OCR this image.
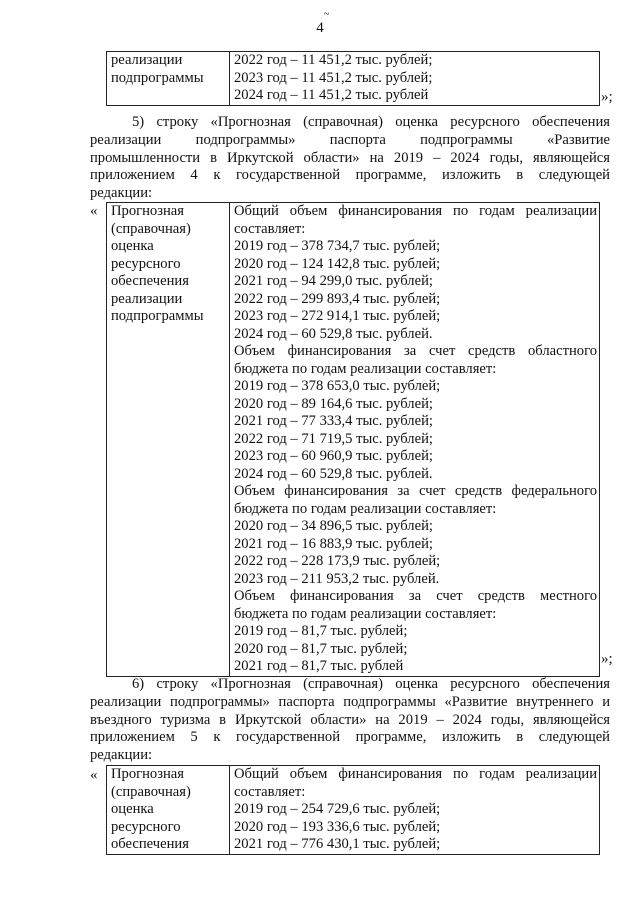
~
4
реализации
подпрограммы

2022 год – 11 451,2 тыс. рублей;
2023 год – 11 451,2 тыс. рублей;
2024 год – 11 451,2 тыс. рублей	»;
5) строку «Прогнозная (справочная) оценка ресурсного обеспечения
реализации подпрограммы» паспорта подпрограммы «Развитие
промышленности в Иркутской области» на 2019 – 2024 годы, являющейся
приложением 4 к государственной программе, изложить в следующей
редакции:
« Прогнозная
(справочная)
оценка
ресурсного
обеспечения
реализации
подпрограммы

Общий объем финансирования по годам реализации
составляет:
2019 год – 378 734,7 тыс. рублей;
2020 год – 124 142,8 тыс. рублей;
2021 год – 94 299,0 тыс. рублей;
2022 год – 299 893,4 тыс. рублей;
2023 год – 272 914,1 тыс. рублей;
2024 год – 60 529,8 тыс. рублей.
Объем финансирования за счет средств областного
бюджета по годам реализации составляет:
2019 год – 378 653,0 тыс. рублей;
2020 год – 89 164,6 тыс. рублей;
2021 год – 77 333,4 тыс. рублей;
2022 год – 71 719,5 тыс. рублей;
2023 год – 60 960,9 тыс. рублей;
2024 год – 60 529,8 тыс. рублей.
Объем финансирования за счет средств федерального
бюджета по годам реализации составляет:
2020 год – 34 896,5 тыс. рублей;
2021 год – 16 883,9 тыс. рублей;
2022 год – 228 173,9 тыс. рублей;
2023 год – 211 953,2 тыс. рублей.
Объем финансирования за счет средств местного
бюджета по годам реализации составляет:
2019 год – 81,7 тыс. рублей;
2020 год – 81,7 тыс. рублей;
2021 год – 81,7 тыс. рублей	»;
6) строку «Прогнозная (справочная) оценка ресурсного обеспечения
реализации подпрограммы» паспорта подпрограммы «Развитие внутреннего и
въездного туризма в Иркутской области» на 2019 – 2024 годы, являющейся
приложением 5 к государственной программе, изложить в следующей
редакции:
« Прогнозная
(справочная)
оценка
ресурсного
обеспечения

Общий объем финансирования по годам реализации
составляет:
2019 год – 254 729,6 тыс. рублей;
2020 год – 193 336,6 тыс. рублей;
2021 год – 776 430,1 тыс. рублей;
